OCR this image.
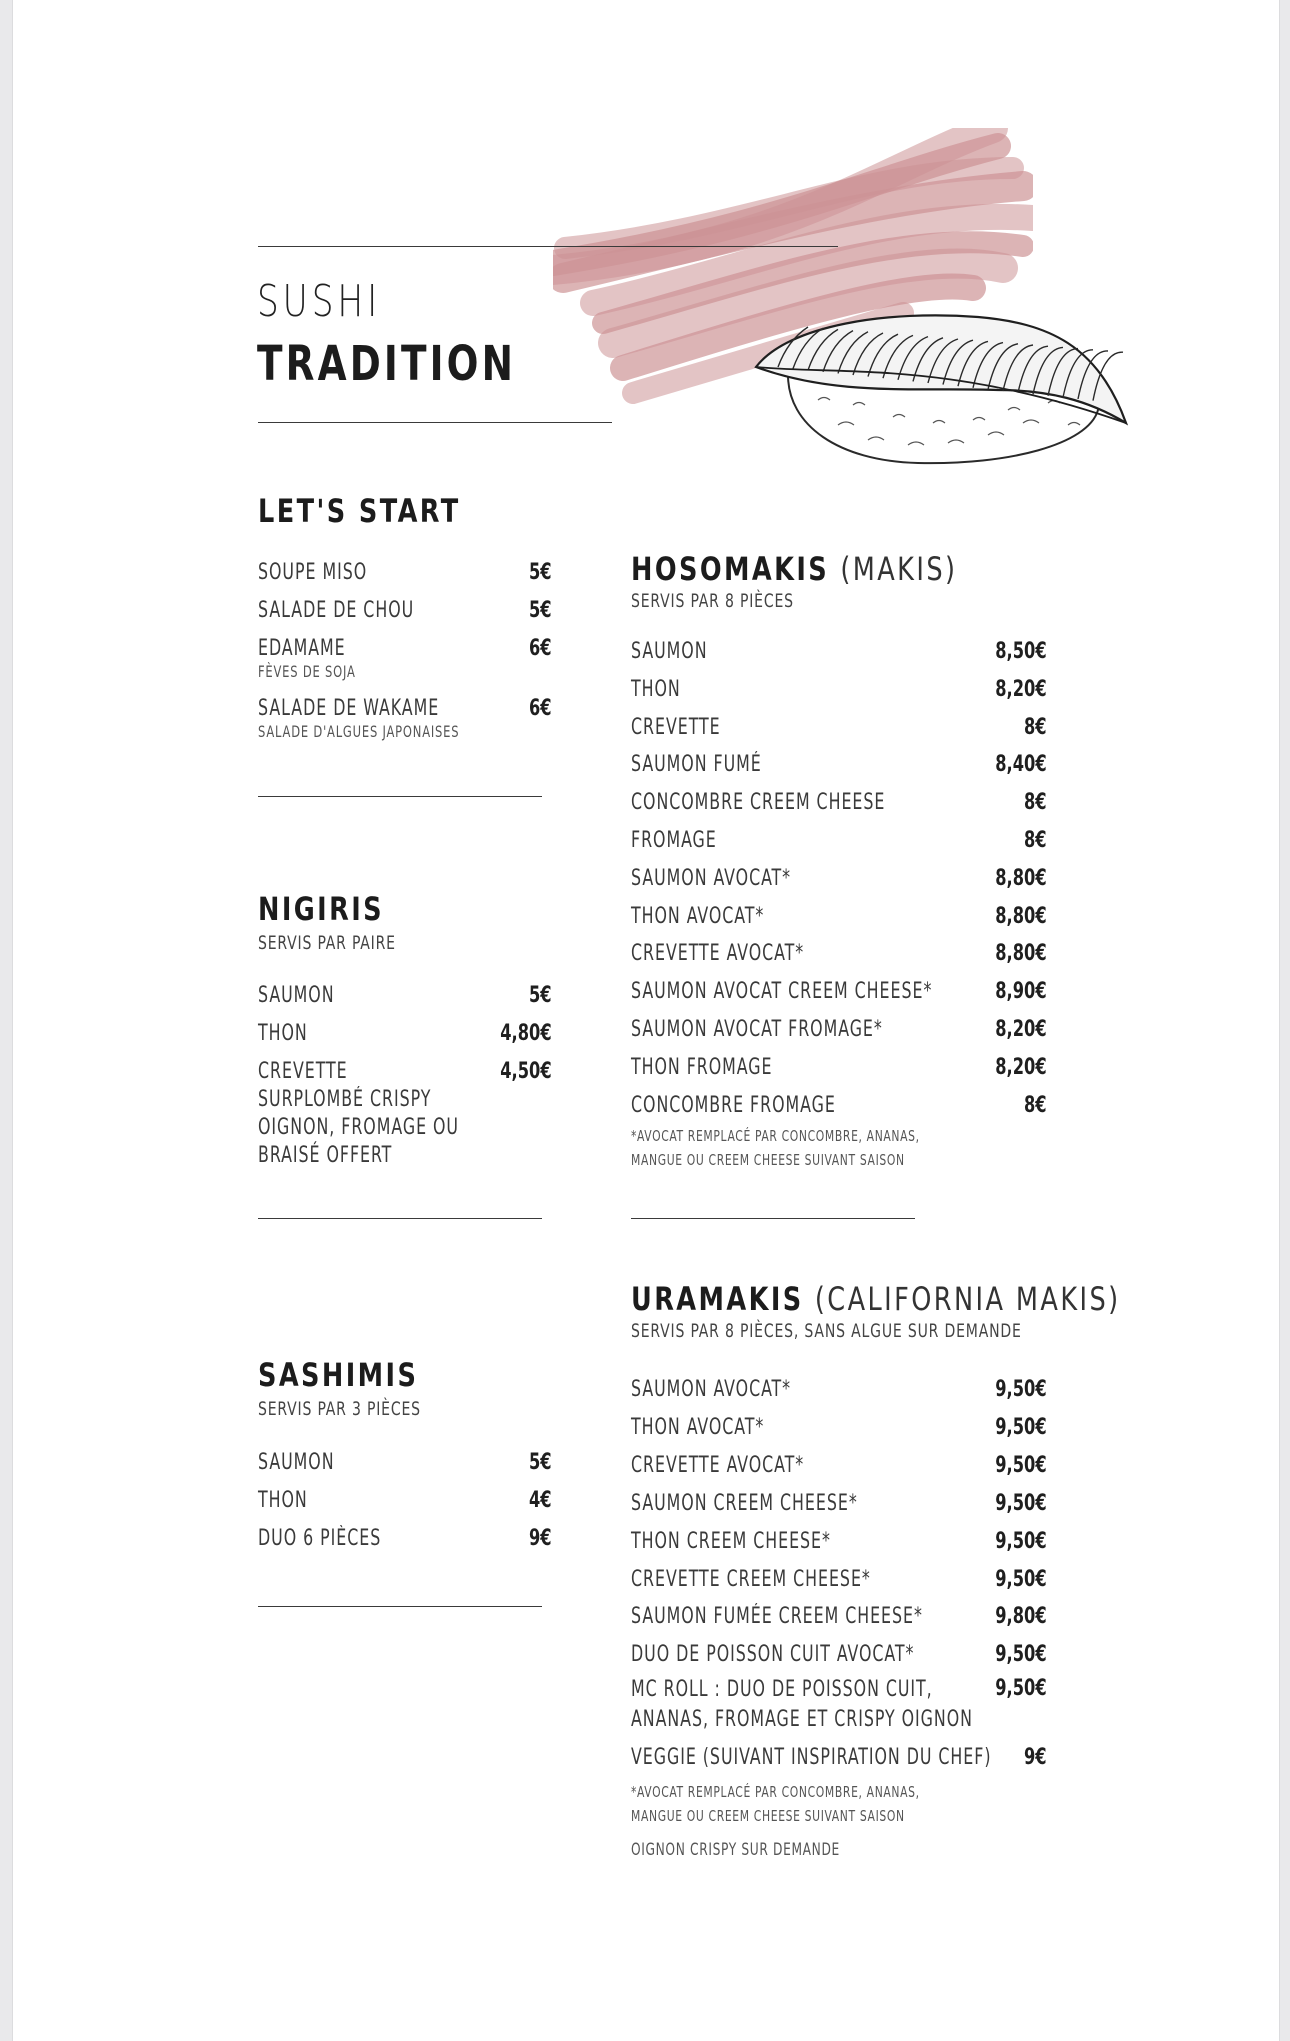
SUSHI
TRADITION
LET'S START
SOUPE MISO	5€
SALADE DE CHOU	5€
EDAMAME	6€
FÈVES DE SOJA
SALADE DE WAKAME	6€
SALADE D'ALGUES JAPONAISES
NIGIRIS
SERVIS PAR PAIRE
SAUMON	5€
THON	4,80€
CREVETTE	4,50€
SURPLOMBÉ CRISPY
OIGNON, FROMAGE OU
BRAISÉ OFFERT
SASHIMIS
SERVIS PAR 3 PIÈCES
SAUMON	5€
THON	4€
DUO 6 PIÈCES	9€
HOSOMAKIS (MAKIS)
SERVIS PAR 8 PIÈCES
SAUMON	8,50€
THON	8,20€
CREVETTE	8€
SAUMON FUMÉ	8,40€
CONCOMBRE CREEM CHEESE	8€
FROMAGE	8€
SAUMON AVOCAT*	8,80€
THON AVOCAT*	8,80€
CREVETTE AVOCAT*	8,80€
SAUMON AVOCAT CREEM CHEESE*	8,90€
SAUMON AVOCAT FROMAGE*	8,20€
THON FROMAGE	8,20€
CONCOMBRE FROMAGE	8€
*AVOCAT REMPLACÉ PAR CONCOMBRE, ANANAS,
MANGUE OU CREEM CHEESE SUIVANT SAISON
URAMAKIS (CALIFORNIA MAKIS)
SERVIS PAR 8 PIÈCES, SANS ALGUE SUR DEMANDE
SAUMON AVOCAT*	9,50€
THON AVOCAT*	9,50€
CREVETTE AVOCAT*	9,50€
SAUMON CREEM CHEESE*	9,50€
THON CREEM CHEESE*	9,50€
CREVETTE CREEM CHEESE*	9,50€
SAUMON FUMÉE CREEM CHEESE*	9,80€
DUO DE POISSON CUIT AVOCAT*	9,50€
MC ROLL : DUO DE POISSON CUIT,
ANANAS, FROMAGE ET CRISPY OIGNON
9,50€
VEGGIE (SUIVANT INSPIRATION DU CHEF) 9€
*AVOCAT REMPLACÉ PAR CONCOMBRE, ANANAS,
MANGUE OU CREEM CHEESE SUIVANT SAISON
OIGNON CRISPY SUR DEMANDE
